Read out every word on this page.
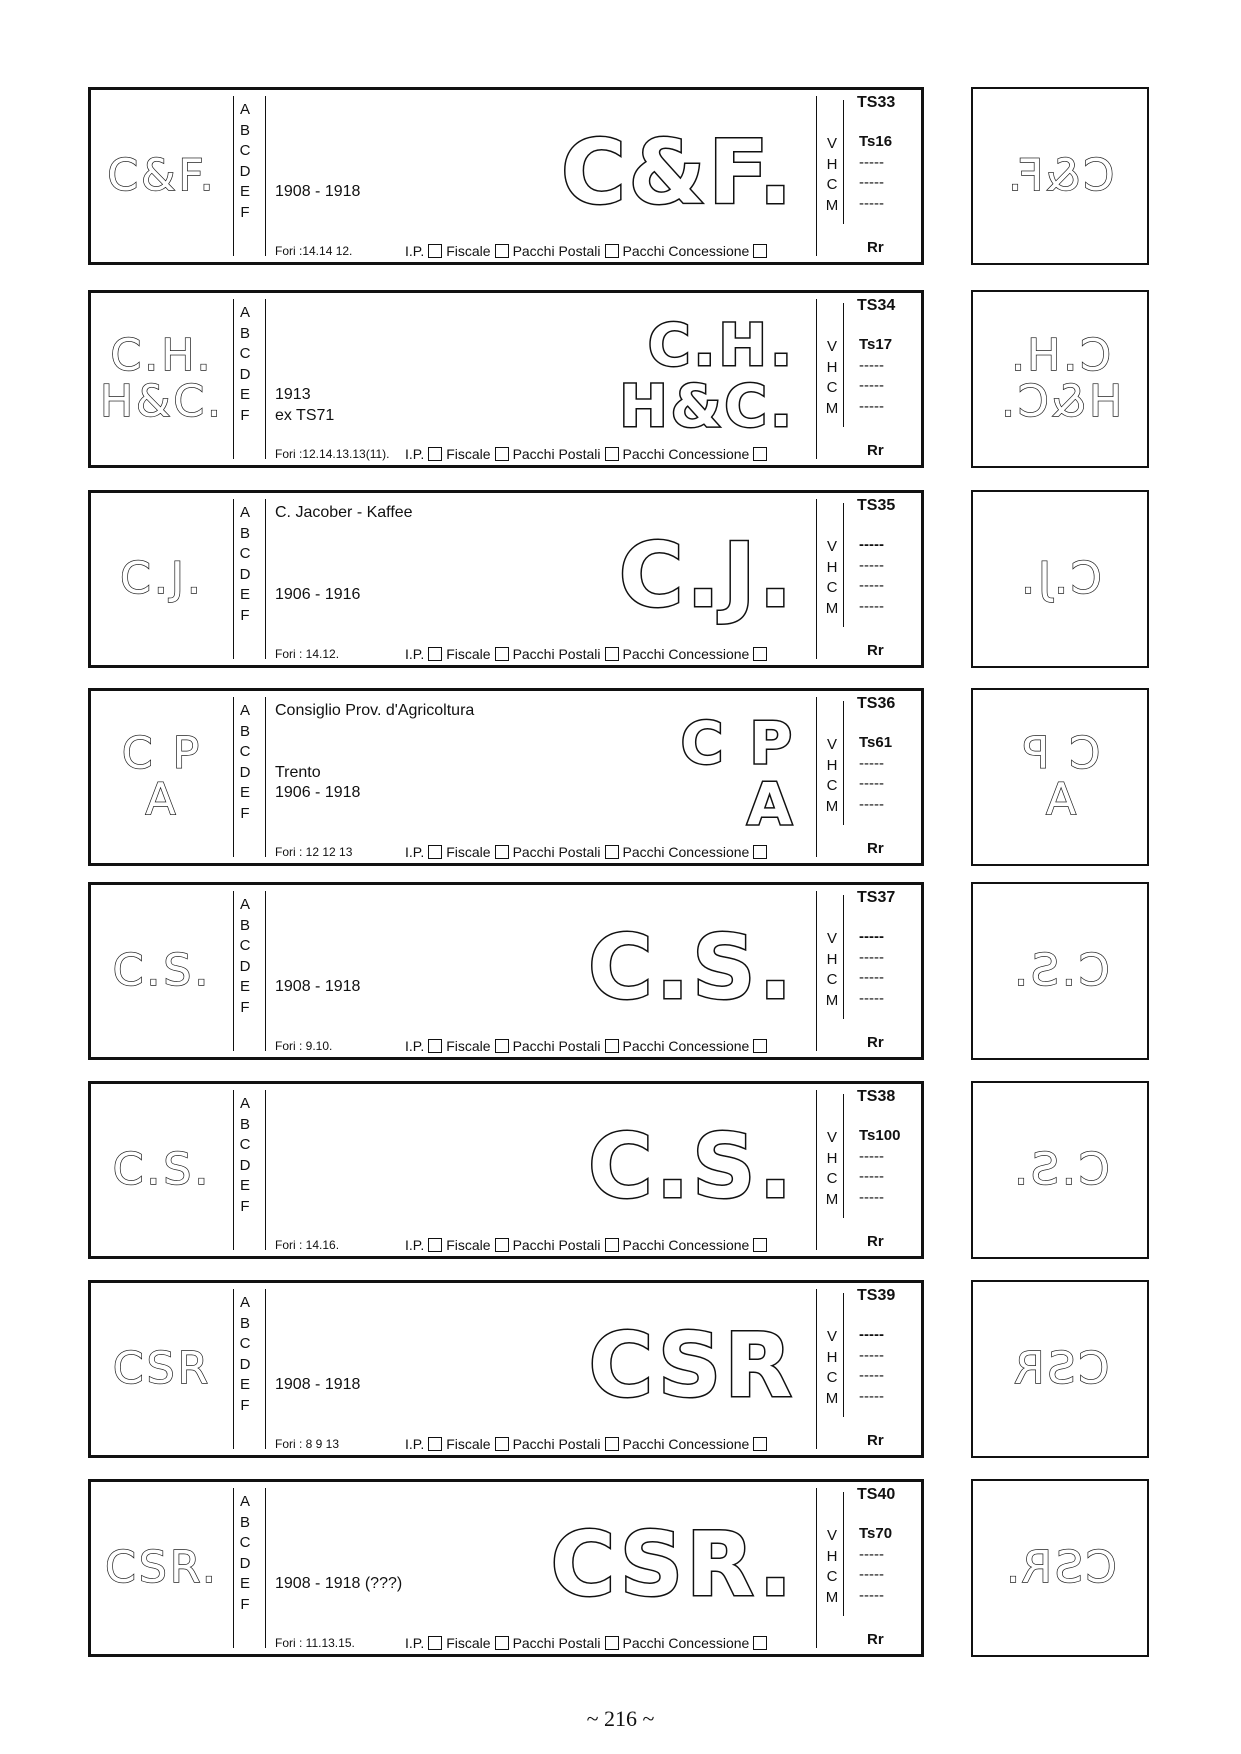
C&F.
A
B
C
D
E
F
1908 - 1918
Fori :14.14 12.	I.P. Fiscale Pacchi Postali Pacchi Concessione
C&F.	V
H
C
M
TS33
Ts16
-----
-----
-----
Rr
C&F.
C.H.
H&C.
A
B
C
D
E
F
1913
ex TS71
Fori :12.14.13.13(11). I.P. Fiscale Pacchi Postali Pacchi Concessione
C.H.
H&C.
V
H
C
M
TS34
Ts17
-----
-----
-----
Rr
C.H.
H&C.
C.J.
A
B
C
D
E
F
C. Jacober - Kaffee
1906 - 1916
Fori : 14.12.	I.P. Fiscale Pacchi Postali Pacchi Concessione
C.J.	V
H
C
M
TS35
-----
-----
-----
-----
Rr
C.J.
C P
A
A
B
C
D
E
F
Consiglio Prov. d'Agricoltura
Trento
1906 - 1918
Fori : 12 12 13	I.P. Fiscale Pacchi Postali Pacchi Concessione
C P
A
V
H
C
M
TS36
Ts61
-----
-----
-----
Rr
C P
A
C.S.
A
B
C
D
E
F
1908 - 1918
Fori : 9.10.	I.P. Fiscale Pacchi Postali Pacchi Concessione
C.S.	V
H
C
M
TS37
-----
-----
-----
-----
Rr
C.S.
C.S.
A
B
C
D
E
F
Fori : 14.16.	I.P. Fiscale Pacchi Postali Pacchi Concessione
C.S.	V
H
C
M
TS38
Ts100
-----
-----
-----
Rr
C.S.
CSR
A
B
C
D
E
F
1908 - 1918
Fori : 8 9 13	I.P. Fiscale Pacchi Postali Pacchi Concessione
CSR	V
H
C
M
TS39
-----
-----
-----
-----
Rr
CSR
CSR.
A
B
C
D
E
F
1908 - 1918 (???)
Fori : 11.13.15.	I.P. Fiscale Pacchi Postali Pacchi Concessione
CSR.	V
H
C
M
TS40
Ts70
-----
-----
-----
Rr
CSR.
~ 216 ~
